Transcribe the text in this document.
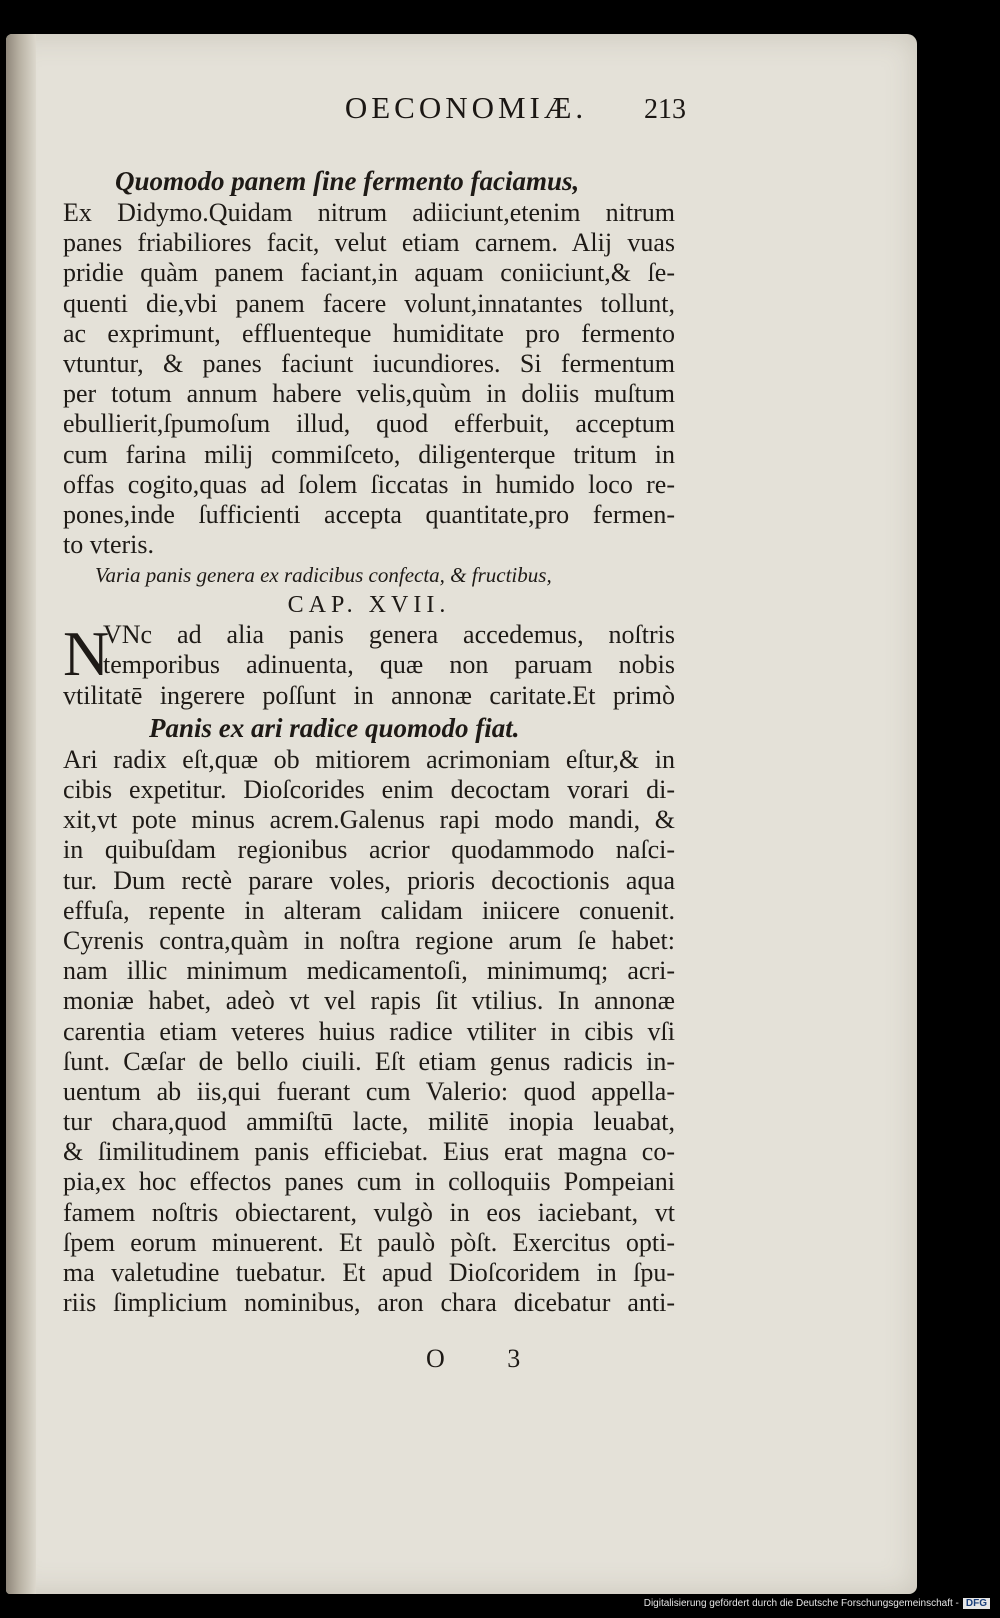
OECONOMIÆ.	213
Quomodo panem ſine fermento faciamus,
Ex Didymo.Quidam nitrum adiiciunt,etenim nitrum
panes friabiliores facit, velut etiam carnem. Alij vuas
pridie quàm panem faciant,in aquam coniiciunt,& ſe-
quenti die,vbi panem facere volunt,innatantes tollunt,
ac exprimunt, effluenteque humiditate pro fermento
vtuntur, & panes faciunt iucundiores. Si fermentum
per totum annum habere velis,quùm in doliis muſtum
ebullierit,ſpumoſum illud, quod efferbuit, acceptum
cum farina milij commiſceto, diligenterque tritum in
offas cogito,quas ad ſolem ſiccatas in humido loco re-
pones,inde ſufficienti accepta quantitate,pro fermen-
to vteris.
Varia panis genera ex radicibus confecta, & fructibus,
CAP. XVII.
N
VNc ad alia panis genera accedemus, noſtris
temporibus adinuenta, quæ non paruam nobis
vtilitatē ingerere poſſunt in annonæ caritate.Et primò
Panis ex ari radice quomodo fiat.
Ari radix eſt,quæ ob mitiorem acrimoniam eſtur,& in
cibis expetitur. Dioſcorides enim decoctam vorari di-
xit,vt pote minus acrem.Galenus rapi modo mandi, &
in quibuſdam regionibus acrior quodammodo naſci-
tur. Dum rectè parare voles, prioris decoctionis aqua
effuſa, repente in alteram calidam iniicere conuenit.
Cyrenis contra,quàm in noſtra regione arum ſe habet:
nam illic minimum medicamentoſi, minimumq; acri-
moniæ habet, adeò vt vel rapis ſit vtilius. In annonæ
carentia etiam veteres huius radice vtiliter in cibis vſi
ſunt. Cæſar de bello ciuili. Eſt etiam genus radicis in-
uentum ab iis,qui fuerant cum Valerio: quod appella-
tur chara,quod ammiſtū lacte, militē inopia leuabat,
& ſimilitudinem panis efficiebat. Eius erat magna co-
pia,ex hoc effectos panes cum in colloquiis Pompeiani
famem noſtris obiectarent, vulgò in eos iaciebant, vt
ſpem eorum minuerent. Et paulò pòſt. Exercitus opti-
ma valetudine tuebatur. Et apud Dioſcoridem in ſpu-
riis ſimplicium nominibus, aron chara dicebatur anti-
O 3
Digitalisierung gefördert durch die Deutsche Forschungsgemeinschaft - DFG
